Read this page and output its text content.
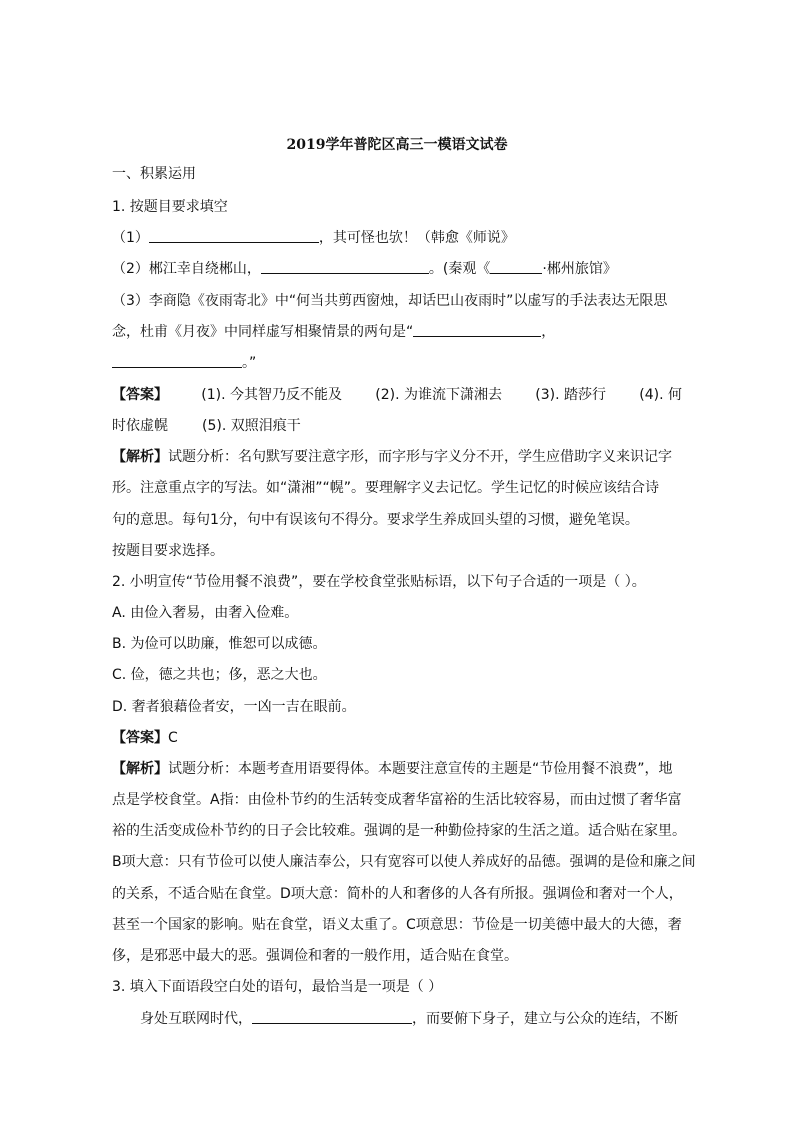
2019学年普陀区高三一模语文试卷
一、积累运用
1. 按题目要求填空
（1）	，其可怪也欤！（韩愈《师说》
（2）郴江幸自绕郴山，	。(秦观《	·郴州旅馆》
（3）李商隐《夜雨寄北》中“何当共剪西窗烛，却话巴山夜雨时”以虚写的手法表达无限思
念，杜甫《月夜》中同样虚写相聚情景的两句是“	，
。”
【答案】 (1). 今其智乃反不能及 (2). 为谁流下潇湘去 (3). 踏莎行 (4). 何
时依虚幌 (5). 双照泪痕干
【解析】试题分析：名句默写要注意字形，而字形与字义分不开，学生应借助字义来识记字
形。注意重点字的写法。如“潇湘”“幌”。要理解字义去记忆。学生记忆的时候应该结合诗
句的意思。每句1分，句中有误该句不得分。要求学生养成回头望的习惯，避免笔误。
按题目要求选择。
2. 小明宣传“节俭用餐不浪费”，要在学校食堂张贴标语，以下句子合适的一项是（ ）。
A. 由俭入奢易，由奢入俭难。
B. 为俭可以助廉，惟恕可以成德。
C. 俭，德之共也；侈，恶之大也。
D. 奢者狼藉俭者安，一凶一吉在眼前。
【答案】C
【解析】试题分析：本题考查用语要得体。本题要注意宣传的主题是“节俭用餐不浪费”，地
点是学校食堂。A指：由俭朴节约的生活转变成奢华富裕的生活比较容易，而由过惯了奢华富
裕的生活变成俭朴节约的日子会比较难。强调的是一种勤俭持家的生活之道。适合贴在家里。
B项大意：只有节俭可以使人廉洁奉公，只有宽容可以使人养成好的品德。强调的是俭和廉之间
的关系，不适合贴在食堂。D项大意：简朴的人和奢侈的人各有所报。强调俭和奢对一个人，
甚至一个国家的影响。贴在食堂，语义太重了。C项意思：节俭是一切美德中最大的大德，奢
侈，是邪恶中最大的恶。强调俭和奢的一般作用，适合贴在食堂。
3. 填入下面语段空白处的语句，最恰当是一项是（ ）
身处互联网时代，	，而要俯下身子，建立与公众的连结，不断
